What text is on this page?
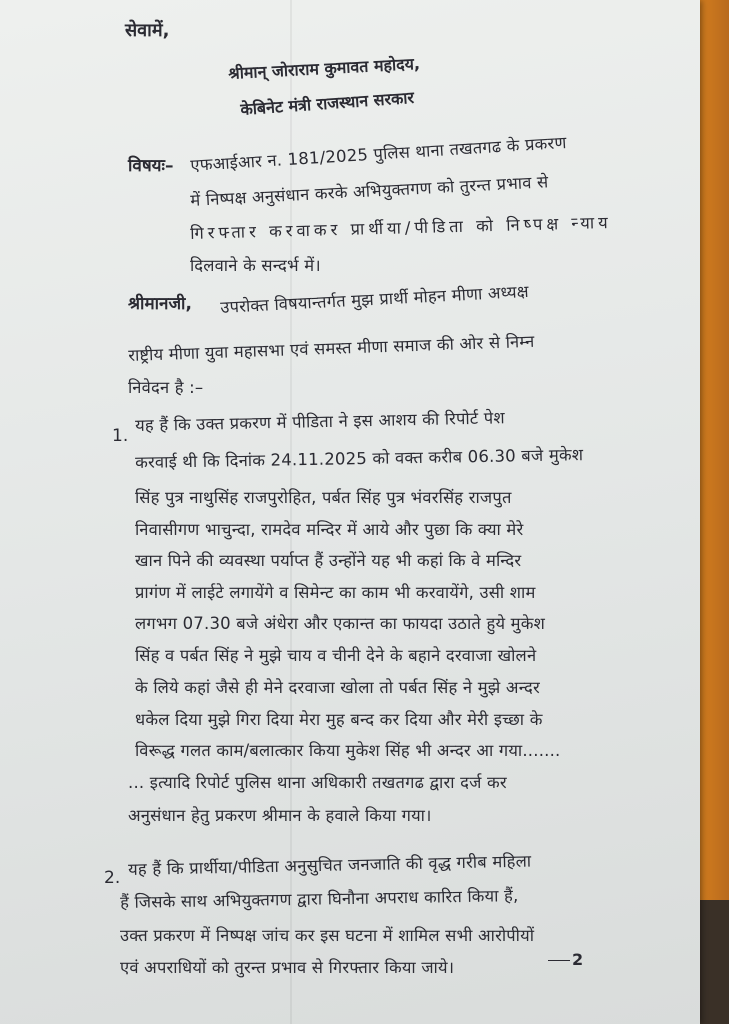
सेवामें,
श्रीमान् जोराराम कुमावत महोदय,
केबिनेट मंत्री राजस्थान सरकार
विषयः– एफआईआर न. 181/2025 पुलिस थाना तखतगढ के प्रकरण
में निष्पक्ष अनुसंधान करके अभियुक्तगण को तुरन्त प्रभाव से
गिरफ्तार करवाकर प्रार्थीया/पीडिता को निष्पक्ष न्याय
दिलवाने के सन्दर्भ में।
श्रीमानजी, उपरोक्त विषयान्तर्गत मुझ प्रार्थी मोहन मीणा अध्यक्ष
राष्ट्रीय मीणा युवा महासभा एवं समस्त मीणा समाज की ओर से निम्न
निवेदन है :–
1.
यह हैं कि उक्त प्रकरण में पीडिता ने इस आशय की रिपोर्ट पेश
करवाई थी कि दिनांक 24.11.2025 को वक्त करीब 06.30 बजे मुकेश
सिंह पुत्र नाथुसिंह राजपुरोहित, पर्बत सिंह पुत्र भंवरसिंह राजपुत
निवासीगण भाचुन्दा, रामदेव मन्दिर में आये और पुछा कि क्या मेरे
खान पिने की व्यवस्था पर्याप्त हैं उन्होंने यह भी कहां कि वे मन्दिर
प्रागंण में लाईटे लगायेंगे व सिमेन्ट का काम भी करवायेंगे, उसी शाम
लगभग 07.30 बजे अंधेरा और एकान्त का फायदा उठाते हुये मुकेश
सिंह व पर्बत सिंह ने मुझे चाय व चीनी देने के बहाने दरवाजा खोलने
के लिये कहां जैसे ही मेने दरवाजा खोला तो पर्बत सिंह ने मुझे अन्दर
धकेल दिया मुझे गिरा दिया मेरा मुह बन्द कर दिया और मेरी इच्छा के
विरूद्ध गलत काम/बलात्कार किया मुकेश सिंह भी अन्दर आ गया.......
... इत्यादि रिपोर्ट पुलिस थाना अधिकारी तखतगढ द्वारा दर्ज कर
अनुसंधान हेतु प्रकरण श्रीमान के हवाले किया गया।
2. यह हैं कि प्रार्थीया/पीडिता अनुसुचित जनजाति की वृद्ध गरीब महिला
हैं जिसके साथ अभियुक्तगण द्वारा घिनौना अपराध कारित किया हैं,
उक्त प्रकरण में निष्पक्ष जांच कर इस घटना में शामिल सभी आरोपीयों
एवं अपराधियों को तुरन्त प्रभाव से गिरफ्तार किया जाये।	2
